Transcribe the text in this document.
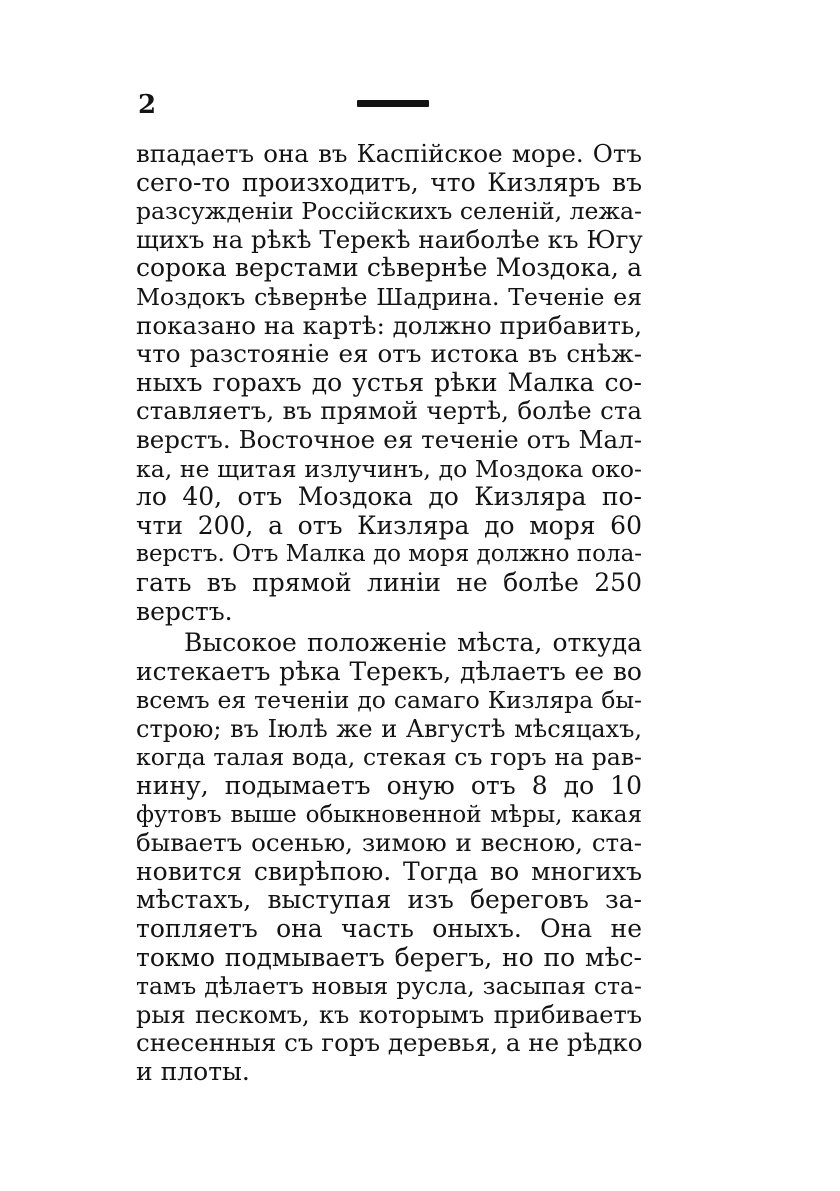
2
впадаетъ она въ Каспійское море. Отъ
сего-то произходитъ, что Кизляръ въ
разсужденіи Россійскихъ селеній, лежа-
щихъ на рѣкѣ Терекѣ наиболѣе къ Югу
сорока верстами сѣвернѣе Моздока, а
Моздокъ сѣвернѣе Шадрина. Теченіе ея
показано на картѣ: должно прибавить,
что разстояніе ея отъ истока въ снѣж-
ныхъ горахъ до устья рѣки Малка со-
ставляетъ, въ прямой чертѣ, болѣе ста
верстъ. Восточное ея теченіе отъ Мал-
ка, не щитая излучинъ, до Моздока око-
ло 40, отъ Моздока до Кизляра по-
чти 200, а отъ Кизляра до моря 60
верстъ. Отъ Малка до моря должно пола-
гать въ прямой линіи не болѣе 250
верстъ.
Высокое положеніе мѣста, откуда
истекаетъ рѣка Терекъ, дѣлаетъ ее во
всемъ ея теченіи до самаго Кизляра бы-
строю; въ Іюлѣ же и Августѣ мѣсяцахъ,
когда талая вода, стекая съ горъ на рав-
нину, подымаетъ оную отъ 8 до 10
футовъ выше обыкновенной мѣры, какая
бываетъ осенью, зимою и весною, ста-
новится свирѣпою. Тогда во многихъ
мѣстахъ, выступая изъ береговъ за-
топляетъ она часть оныхъ. Она не
токмо подмываетъ берегъ, но по мѣс-
тамъ дѣлаетъ новыя русла, засыпая ста-
рыя пескомъ, къ которымъ прибиваетъ
снесенныя съ горъ деревья, а не рѣдко
и плоты.
